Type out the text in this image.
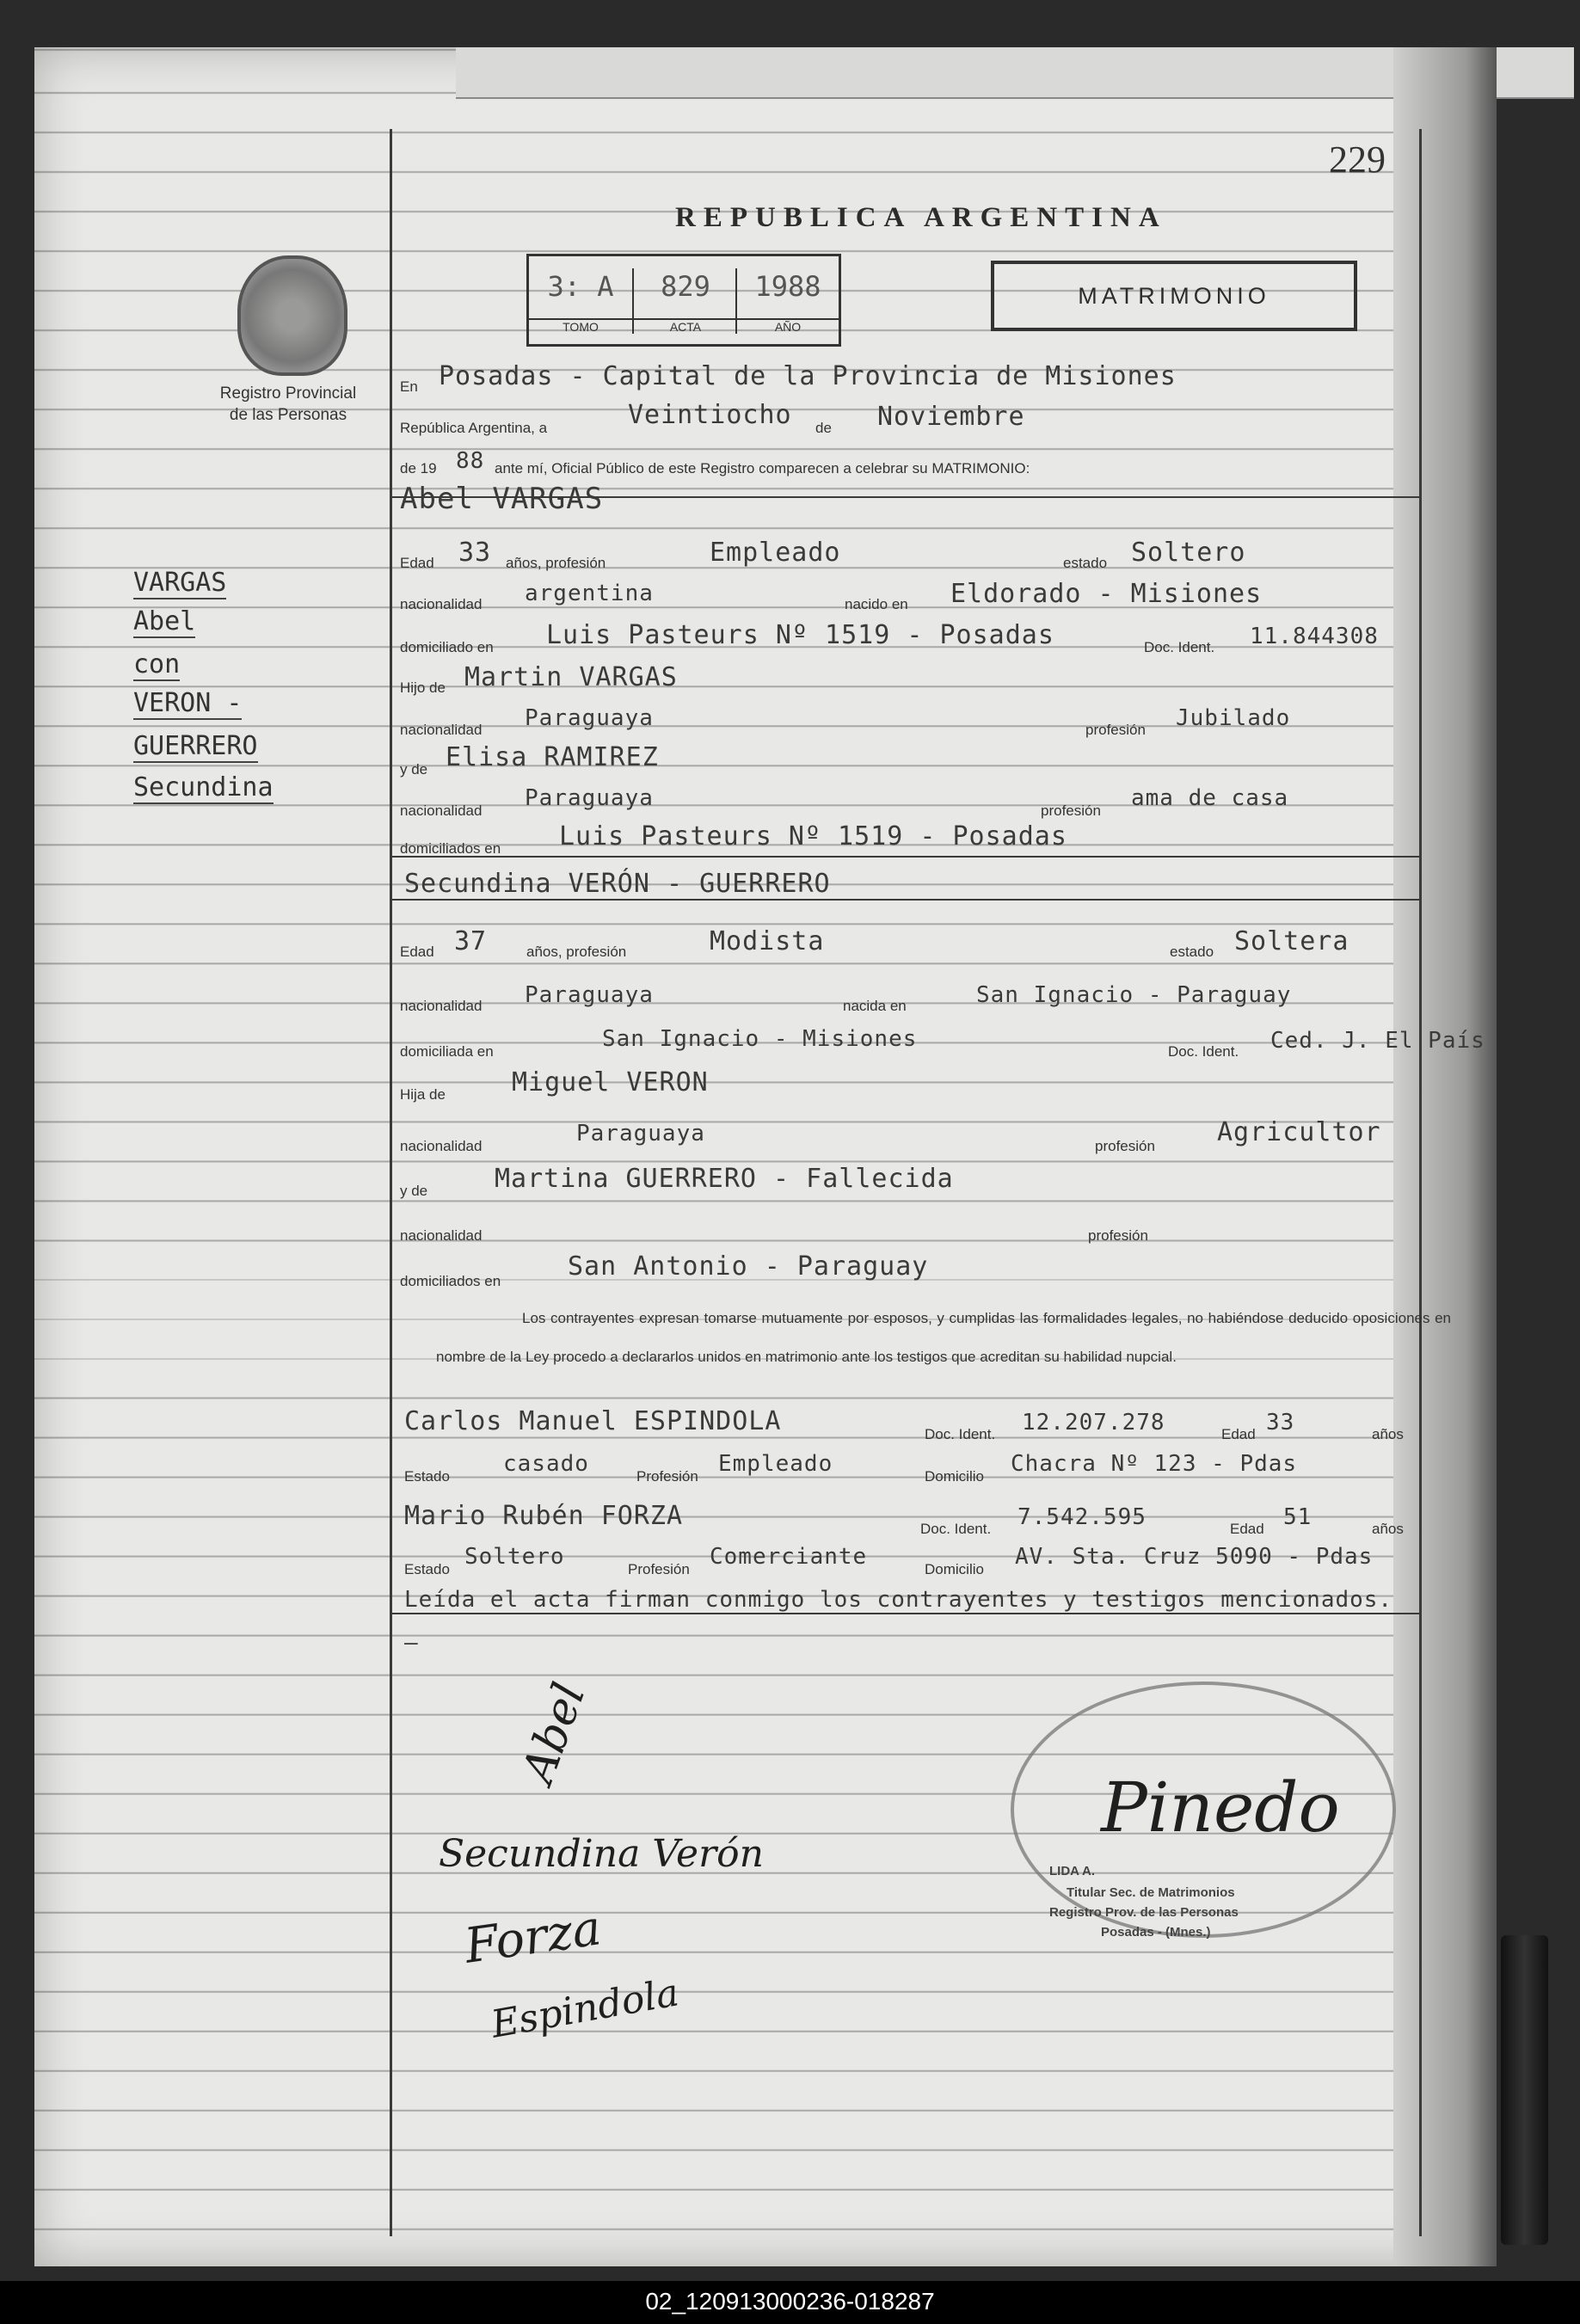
229
REPUBLICA ARGENTINA
Registro Provincial
de las Personas
3: A
TOMO
829
ACTA
1988
AÑO
MATRIMONIO
En Posadas - Capital de la Provincia de Misiones
República Argentina, a	Veintiocho de Noviembre
de 19 88 ante mí, Oficial Público de este Registro comparecen a celebrar su MATRIMONIO:
VARGAS
Abel
con
VERON -
GUERRERO
Secundina
Abel VARGAS
Edad 33 años, profesión	Empleado	estado Soltero
nacionalidad argentina	nacido en Eldorado - Misiones
domiciliado en Luis Pasteurs Nº 1519 - Posadas	Doc. Ident. 11.844308
Hijo de Martin VARGAS
nacionalidad Paraguaya	profesión Jubilado
y de Elisa RAMIREZ
nacionalidad Paraguaya	profesión ama de casa
domiciliados en Luis Pasteurs Nº 1519 - Posadas
Secundina VERÓN - GUERRERO
Edad 37	años, profesión	Modista	estado Soltera
nacionalidad Paraguaya	nacida en	San Ignacio - Paraguay
domiciliada en	San Ignacio - Misiones	Doc. Ident. Ced. J. El País
Hija de	Miguel VERON
nacionalidad	Paraguaya	profesión Agricultor
y de	Martina GUERRERO - Fallecida
nacionalidad	profesión
domiciliados en	San Antonio - Paraguay
Los contrayentes expresan tomarse mutuamente por esposos, y cumplidas las formalidades legales, no habiéndose deducido oposiciones en nombre de la Ley procedo a declararlos unidos en matrimonio ante los testigos que acreditan su habilidad nupcial.
Carlos Manuel ESPINDOLA	Doc. Ident. 12.207.278	Edad 33	años
Estado casado	Profesión Empleado	Domicilio Chacra Nº 123 - Pdas
Mario Rubén FORZA	Doc. Ident. 7.542.595	Edad 51	años
Estado Soltero	Profesión Comerciante	Domicilio AV. Sta. Cruz 5090 - Pdas
Leída el acta firman conmigo los contrayentes y testigos mencionados. —
Abel
Secundina Verón
Forza
Espindola
Pinedo
LIDA A.
Titular Sec. de Matrimonios
Registro Prov. de las Personas
Posadas - (Mnes.)
02_120913000236-018287
